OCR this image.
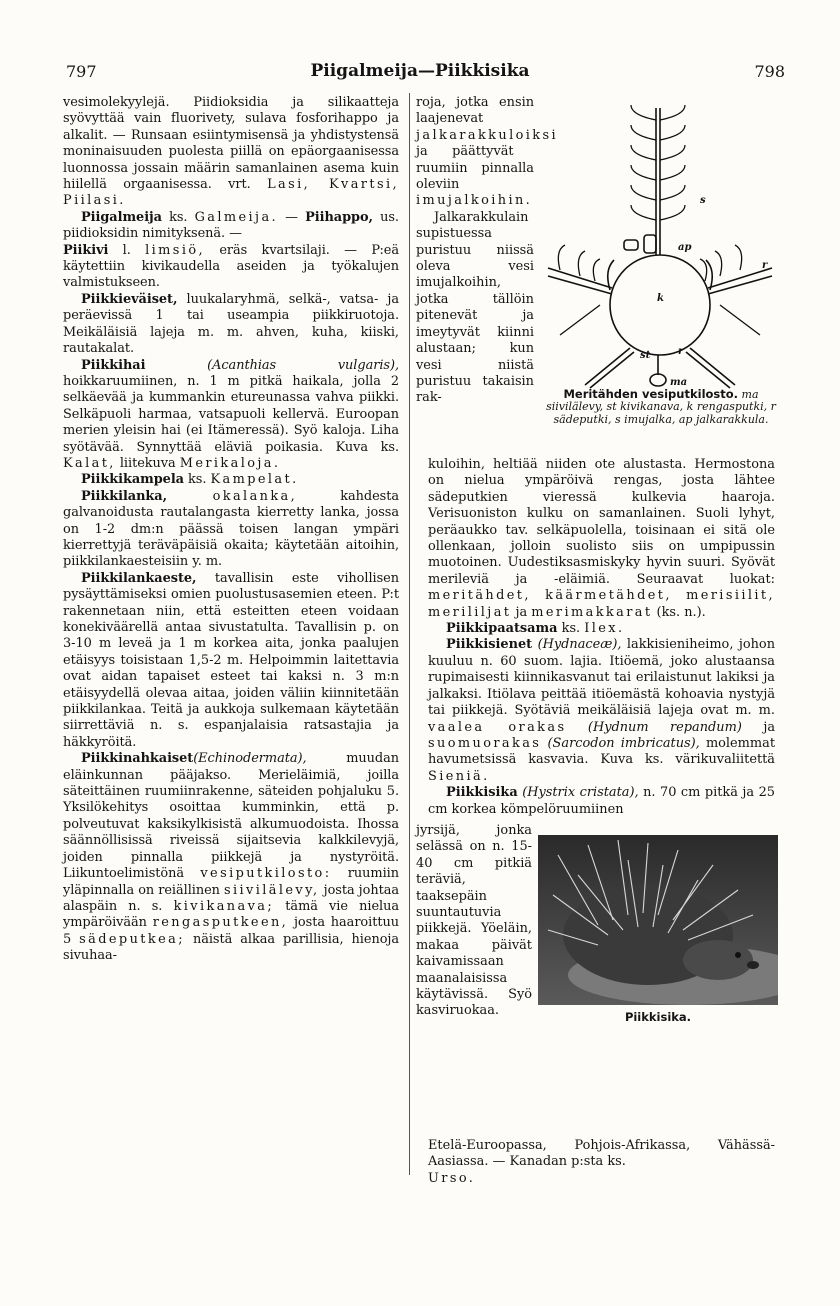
797	Piigalmeija—Piikkisika	798

vesimolekyylejä. Piidioksidia ja silikaatteja syövyttää vain fluorivety, sulava fosforihappo ja alkalit. — Runsaan esiintymisensä ja yhdistystensä moninaisuuden puolesta piillä on epäorgaanisessa luonnossa jossain määrin samanlainen asema kuin hiilellä orgaanisessa. vrt. Lasi, Kvartsi, Piilasi.

Piigalmeija ks. Galmeija. — Piihappo, us. piidioksidin nimityksenä. —

Piikivi l. limsiö, eräs kvartsilaji. — P:eä käytettiin kivikaudella aseiden ja työkalujen valmistukseen.

Piikkieväiset, luukalaryhmä, selkä-, vatsa- ja peräevissä 1 tai useampia piikkiruotoja. Meikäläisiä lajeja m. m. ahven, kuha, kiiski, rautakalat.

Piikkihai (Acanthias vulgaris), hoikkaruumiinen, n. 1 m pitkä haikala, jolla 2 selkäevää ja kummankin etureunassa vahva piikki. Selkäpuoli harmaa, vatsapuoli kellervä. Euroopan merien yleisin hai (ei Itämeressä). Syö kaloja. Liha syötävää. Synnyttää eläviä poikasia. Kuva ks. Kalat, liitekuva Merikaloja.

Piikkikampela ks. Kampelat.

Piikkilanka, okalanka, kahdesta galvanoidusta rautalangasta kierretty lanka, jossa on 1-2 dm:n päässä toisen langan ympäri kierrettyjä teräväpäisiä okaita; käytetään aitoihin, piikkilankaesteisiin y. m.

Piikkilankaeste, tavallisin este vihollisen pysäyttämiseksi omien puolustusasemien eteen. P:t rakennetaan niin, että esteitten eteen voidaan konekiväärellä antaa sivustatulta. Tavallisin p. on 3-10 m leveä ja 1 m korkea aita, jonka paalujen etäisyys toisistaan 1,5-2 m. Helpoimmin laitettavia ovat aidan tapaiset esteet tai kaksi n. 3 m:n etäisyydellä olevaa aitaa, joiden väliin kiinnitetään piikkilankaa. Teitä ja aukkoja sulkemaan käytetään siirrettäviä n. s. espanjalaisia ratsastajia ja häkkyröitä.

Piikkinahkaiset(Echinodermata), muudan eläinkunnan pääjakso. Merieläimiä, joilla säteittäinen ruumiinrakenne, säteiden pohjaluku 5. Yksilökehitys osoittaa kumminkin, että p. polveutuvat kaksikylkisistä alkumuodoista. Ihossa säännöllisissä riveissä sijaitsevia kalkkilevyjä, joiden pinnalla piikkejä ja nystyröitä. Liikuntoelimistönä vesiputkilosto: ruumiin yläpinnalla on reiällinen siivilälevy, josta johtaa alaspäin n. s. kivikanava; tämä vie nielua ympäröivään rengasputkeen, josta haaroittuu 5 sädeputkea; näistä alkaa parillisia, hienoja sivuhaa-

roja, jotka ensin laajenevat jalkarakkuloiksi ja päättyvät ruumiin pinnalla oleviin imujalkoihin.

Jalkarakkulain supistuessa puristuu niissä oleva vesi imujalkoihin, jotka tällöin pitenevät ja imeytyvät kiinni alustaan; kun vesi niistä puristuu takaisin rak-

s
ap
k
r
st	r
ma
Meritähden vesiputkilosto. ma siivilälevy, st kivikanava, k rengasputki, r sädeputki, s imujalka, ap jalkarakkula.

kuloihin, heltiää niiden ote alustasta. Hermostona on nielua ympäröivä rengas, josta lähtee sädeputkien vieressä kulkevia haaroja. Verisuoniston kulku on samanlainen. Suoli lyhyt, peräaukko tav. selkäpuolella, toisinaan ei sitä ole ollenkaan, jolloin suolisto siis on umpipussin muotoinen. Uudestiksasmiskyky hyvin suuri. Syövät merileviä ja -eläimiä. Seuraavat luokat: meritähdet, käärmetähdet, merisiilit, merililjat ja merimakkarat (ks. n.).

Piikkipaatsama ks. Ilex.

Piikkisienet (Hydnaceæ), lakkisieniheimo, johon kuuluu n. 60 suom. lajia. Itiöemä, joko alustaansa rupimaisesti kiinnikasvanut tai erilaistunut lakiksi ja jalkaksi. Itiölava peittää itiöemästä kohoavia nystyjä tai piikkejä. Syötäviä meikäläisiä lajeja ovat m. m. vaalea orakas (Hydnum repandum) ja suomuorakas (Sarcodon imbricatus), molemmat havumetsissä kasvavia. Kuva ks. värikuvaliitettä Sieniä.

Piikkisika (Hystrix cristata), n. 70 cm pitkä ja 25 cm korkea kömpelöruumiinen

jyrsijä, jonka selässä on n. 15-40 cm pitkiä teräviä, taaksepäin suuntautuvia piikkejä. Yöeläin, makaa päivät kaivamissaan maanalaisissa käytävissä. Syö kasviruokaa.	Piikkisika.

Etelä-Euroopassa, Pohjois-Afrikassa, Vähässä-Aasiassa. — Kanadan p:sta ks.
Urso.
